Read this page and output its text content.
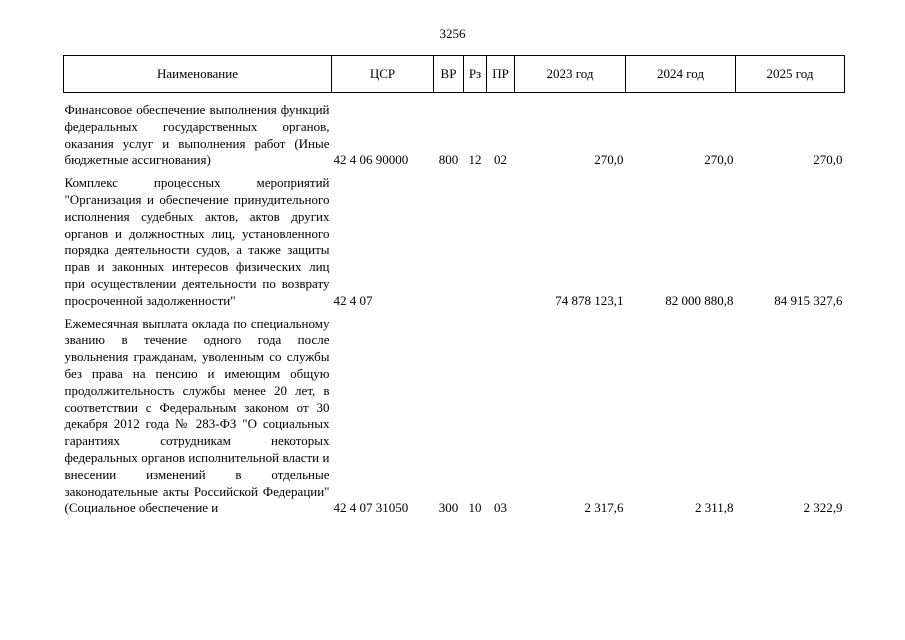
3256
Наименование	ЦСР	ВР	Рз	ПР	2023 год	2024 год	2025 год
Финансовое обеспечение выполнения функций федеральных государственных органов, оказания услуг и выполнения работ (Иные бюджетные ассигнования)	42 4 06 90000	800	12	02	270,0	270,0	270,0
Комплекс процессных мероприятий "Организация и обеспечение принудительного исполнения судебных актов, актов других органов и должностных лиц, установленного порядка деятельности судов, а также защиты прав и законных интересов физических лиц при осуществлении деятельности по возврату просроченной задолженности"	42 4 07				74 878 123,1	82 000 880,8	84 915 327,6
Ежемесячная выплата оклада по специальному званию в течение одного года после увольнения гражданам, уволенным со службы без права на пенсию и имеющим общую продолжительность службы менее 20 лет, в соответствии с Федеральным законом от 30 декабря 2012 года № 283-ФЗ "О социальных гарантиях сотрудникам некоторых федеральных органов исполнительной власти и внесении изменений в отдельные законодательные акты Российской Федерации" (Социальное обеспечение и	42 4 07 31050	300	10	03	2 317,6	2 311,8	2 322,9
